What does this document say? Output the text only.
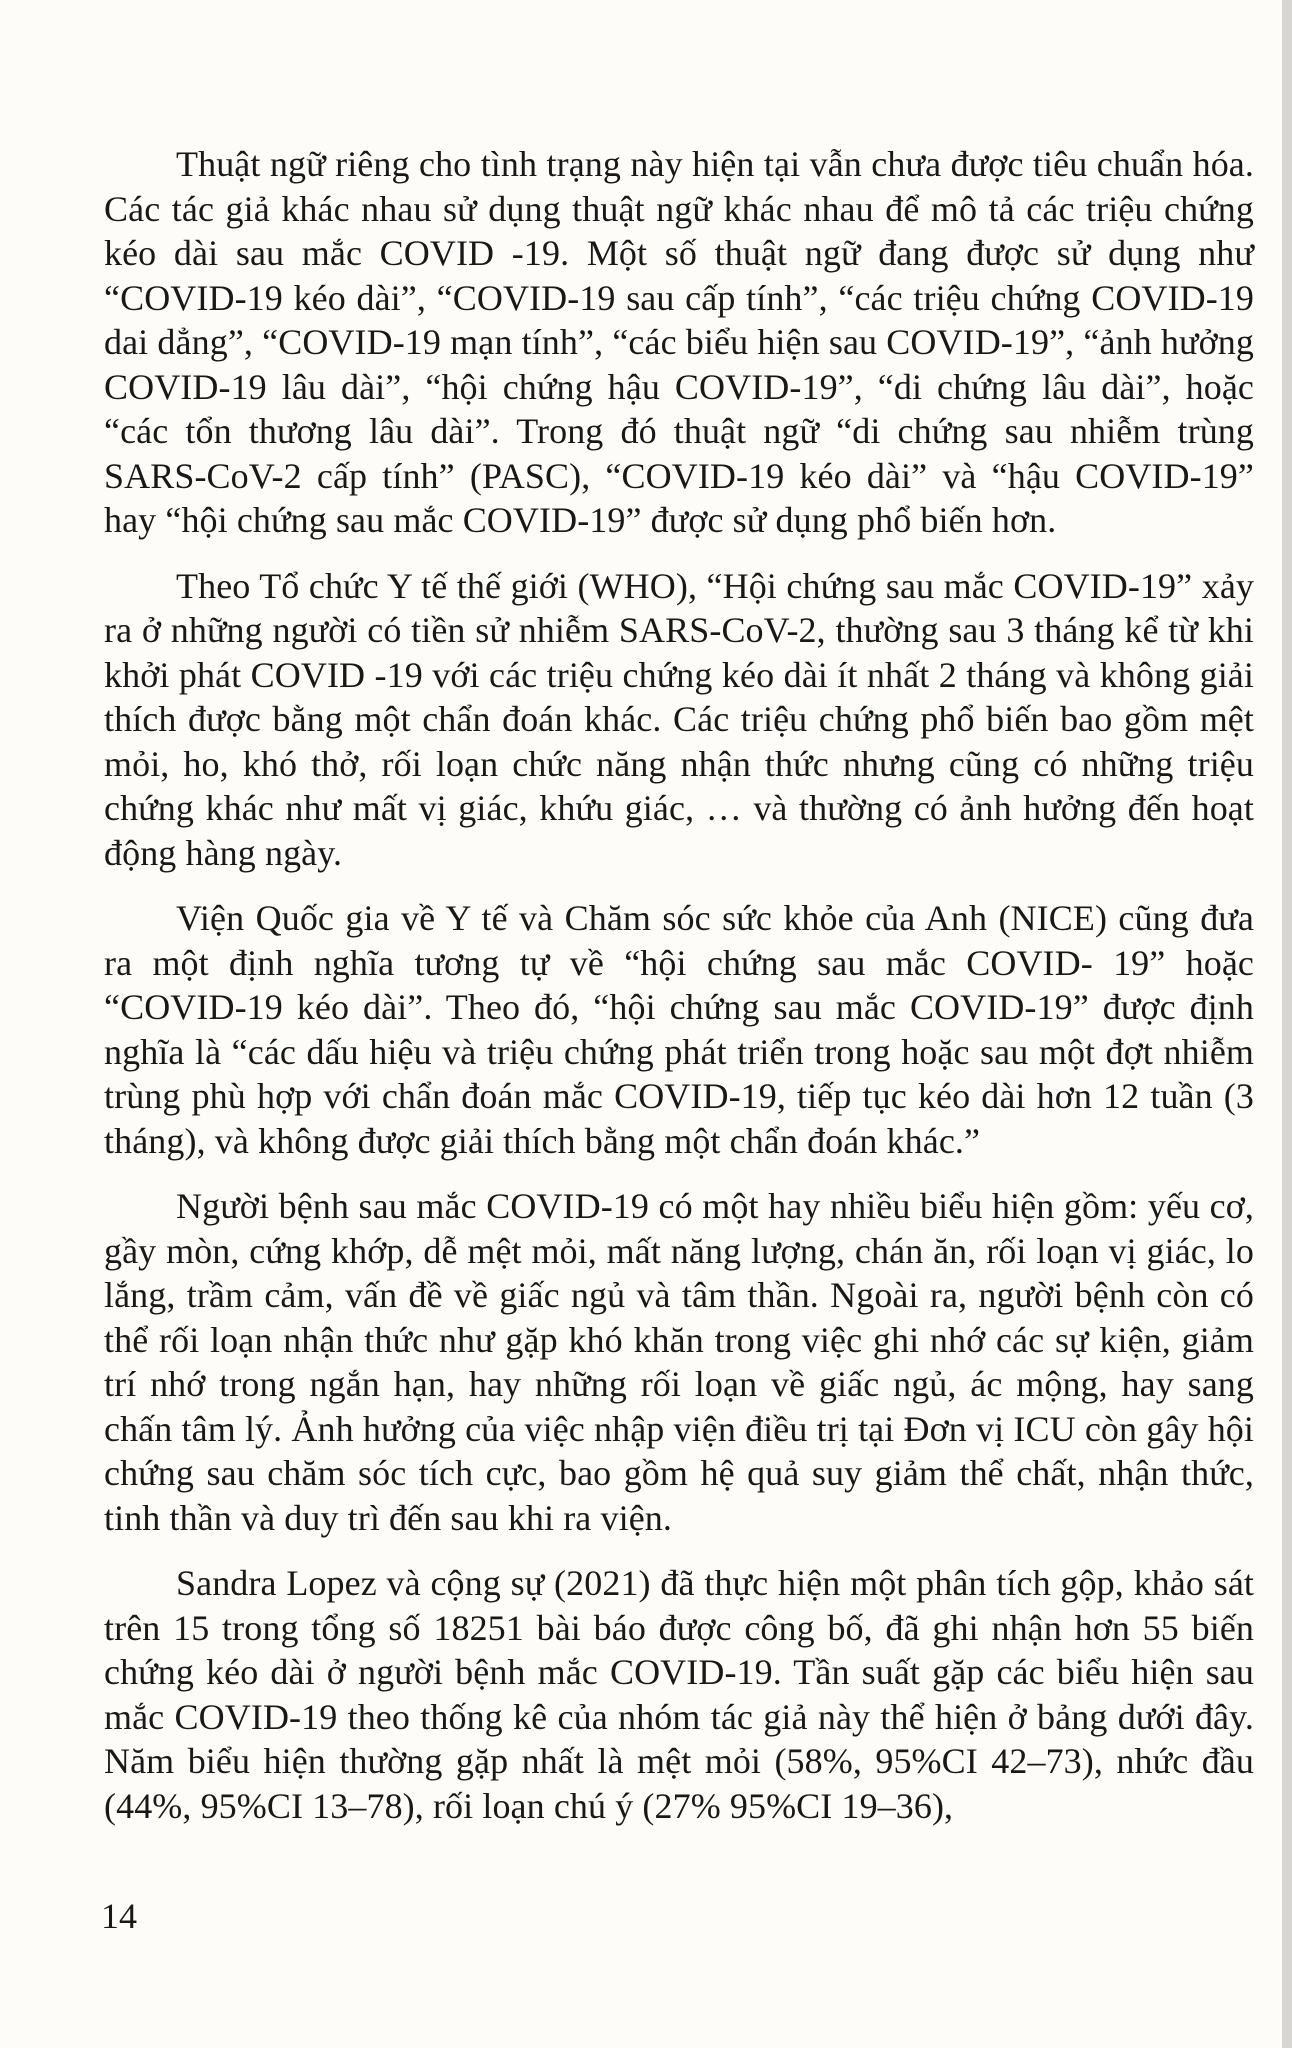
Thuật ngữ riêng cho tình trạng này hiện tại vẫn chưa được tiêu chuẩn hóa. Các tác giả khác nhau sử dụng thuật ngữ khác nhau để mô tả các triệu chứng kéo dài sau mắc COVID -19. Một số thuật ngữ đang được sử dụng như “COVID-19 kéo dài”, “COVID-19 sau cấp tính”, “các triệu chứng COVID-19 dai dẳng”, “COVID-19 mạn tính”, “các biểu hiện sau COVID-19”, “ảnh hưởng COVID-19 lâu dài”, “hội chứng hậu COVID-19”, “di chứng lâu dài”, hoặc “các tổn thương lâu dài”. Trong đó thuật ngữ “di chứng sau nhiễm trùng SARS-CoV-2 cấp tính” (PASC), “COVID-19 kéo dài” và “hậu COVID-19” hay “hội chứng sau mắc COVID-19” được sử dụng phổ biến hơn.

Theo Tổ chức Y tế thế giới (WHO), “Hội chứng sau mắc COVID-19” xảy ra ở những người có tiền sử nhiễm SARS-CoV-2, thường sau 3 tháng kể từ khi khởi phát COVID -19 với các triệu chứng kéo dài ít nhất 2 tháng và không giải thích được bằng một chẩn đoán khác. Các triệu chứng phổ biến bao gồm mệt mỏi, ho, khó thở, rối loạn chức năng nhận thức nhưng cũng có những triệu chứng khác như mất vị giác, khứu giác, … và thường có ảnh hưởng đến hoạt động hàng ngày.

Viện Quốc gia về Y tế và Chăm sóc sức khỏe của Anh (NICE) cũng đưa ra một định nghĩa tương tự về “hội chứng sau mắc COVID- 19” hoặc “COVID-19 kéo dài”. Theo đó, “hội chứng sau mắc COVID-19” được định nghĩa là “các dấu hiệu và triệu chứng phát triển trong hoặc sau một đợt nhiễm trùng phù hợp với chẩn đoán mắc COVID-19, tiếp tục kéo dài hơn 12 tuần (3 tháng), và không được giải thích bằng một chẩn đoán khác.”

Người bệnh sau mắc COVID-19 có một hay nhiều biểu hiện gồm: yếu cơ, gầy mòn, cứng khớp, dễ mệt mỏi, mất năng lượng, chán ăn, rối loạn vị giác, lo lắng, trầm cảm, vấn đề về giấc ngủ và tâm thần. Ngoài ra, người bệnh còn có thể rối loạn nhận thức như gặp khó khăn trong việc ghi nhớ các sự kiện, giảm trí nhớ trong ngắn hạn, hay những rối loạn về giấc ngủ, ác mộng, hay sang chấn tâm lý. Ảnh hưởng của việc nhập viện điều trị tại Đơn vị ICU còn gây hội chứng sau chăm sóc tích cực, bao gồm hệ quả suy giảm thể chất, nhận thức, tinh thần và duy trì đến sau khi ra viện.

Sandra Lopez và cộng sự (2021) đã thực hiện một phân tích gộp, khảo sát trên 15 trong tổng số 18251 bài báo được công bố, đã ghi nhận hơn 55 biến chứng kéo dài ở người bệnh mắc COVID-19. Tần suất gặp các biểu hiện sau mắc COVID-19 theo thống kê của nhóm tác giả này thể hiện ở bảng dưới đây. Năm biểu hiện thường gặp nhất là mệt mỏi (58%, 95%CI 42–73), nhức đầu (44%, 95%CI 13–78), rối loạn chú ý (27% 95%CI 19–36),

14
